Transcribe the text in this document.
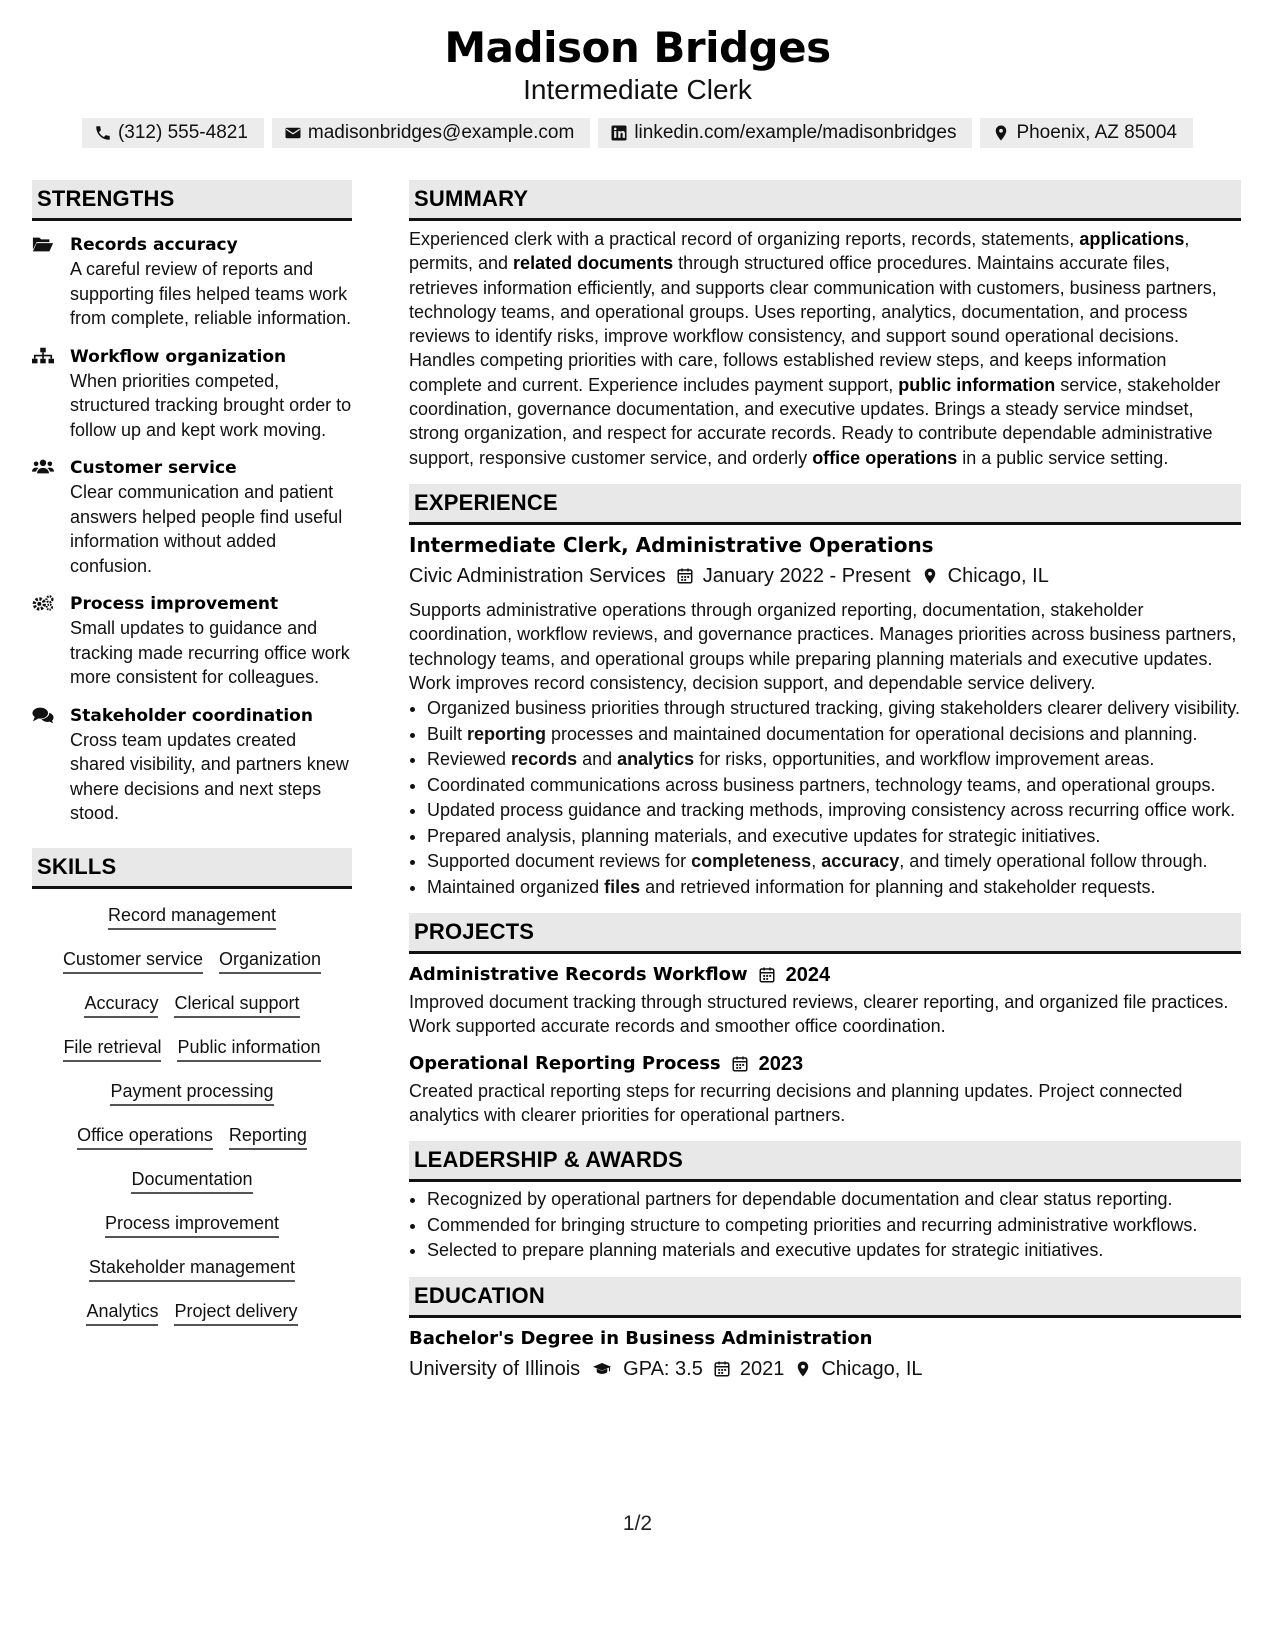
Madison Bridges
Intermediate Clerk
(312) 555-4821	madisonbridges@example.com	linkedin.com/example/madisonbridges	Phoenix, AZ 85004
STRENGTHS
Records accuracy
A careful review of reports and supporting files helped teams work from complete, reliable information.
Workflow organization
When priorities competed, structured tracking brought order to follow up and kept work moving.
Customer service
Clear communication and patient answers helped people find useful information without added confusion.
Process improvement
Small updates to guidance and tracking made recurring office work more consistent for colleagues.
Stakeholder coordination
Cross team updates created shared visibility, and partners knew where decisions and next steps stood.
SKILLS
Record management
Customer service Organization
Accuracy Clerical support
File retrieval Public information
Payment processing
Office operations Reporting
Documentation
Process improvement
Stakeholder management
Analytics Project delivery
SUMMARY

Experienced clerk with a practical record of organizing reports, records, statements, applications, permits, and related documents through structured office procedures. Maintains accurate files, retrieves information efficiently, and supports clear communication with customers, business partners, technology teams, and operational groups. Uses reporting, analytics, documentation, and process reviews to identify risks, improve workflow consistency, and support sound operational decisions. Handles competing priorities with care, follows established review steps, and keeps information complete and current. Experience includes payment support, public information service, stakeholder coordination, governance documentation, and executive updates. Brings a steady service mindset, strong organization, and respect for accurate records. Ready to contribute dependable administrative support, responsive customer service, and orderly office operations in a public service setting.

EXPERIENCE
Intermediate Clerk, Administrative Operations
Civic Administration Services January 2022 - Present Chicago, IL

Supports administrative operations through organized reporting, documentation, stakeholder coordination, workflow reviews, and governance practices. Manages priorities across business partners, technology teams, and operational groups while preparing planning materials and executive updates. Work improves record consistency, decision support, and dependable service delivery.

• Organized business priorities through structured tracking, giving stakeholders clearer delivery visibility.
• Built reporting processes and maintained documentation for operational decisions and planning.
• Reviewed records and analytics for risks, opportunities, and workflow improvement areas.
• Coordinated communications across business partners, technology teams, and operational groups.
• Updated process guidance and tracking methods, improving consistency across recurring office work.
• Prepared analysis, planning materials, and executive updates for strategic initiatives.
• Supported document reviews for completeness, accuracy, and timely operational follow through.
• Maintained organized files and retrieved information for planning and stakeholder requests.
PROJECTS
Administrative Records Workflow 2024

Improved document tracking through structured reviews, clearer reporting, and organized file practices. Work supported accurate records and smoother office coordination.

Operational Reporting Process 2023

Created practical reporting steps for recurring decisions and planning updates. Project connected analytics with clearer priorities for operational partners.

LEADERSHIP & AWARDS
• Recognized by operational partners for dependable documentation and clear status reporting.
• Commended for bringing structure to competing priorities and recurring administrative workflows.
• Selected to prepare planning materials and executive updates for strategic initiatives.
EDUCATION
Bachelor's Degree in Business Administration
University of Illinois GPA: 3.5 2021 Chicago, IL
1/2
